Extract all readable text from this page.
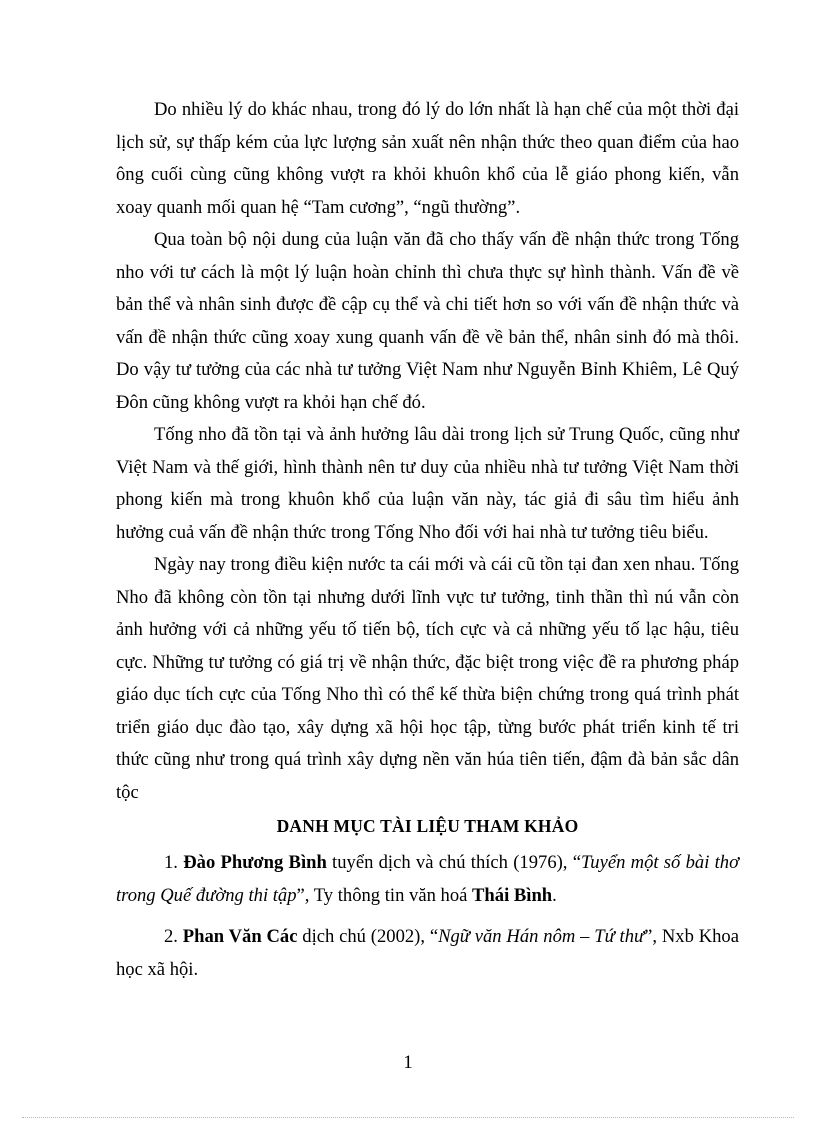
Do nhiều lý do khác nhau, trong đó lý do lớn nhất là hạn chế của một thời đại lịch sử, sự thấp kém của lực lượng sản xuất nên nhận thức theo quan điểm của hao ông cuối cùng cũng không vượt ra khỏi khuôn khổ của lễ giáo phong kiến, vẫn xoay quanh mối quan hệ “Tam cương”, “ngũ thường”.

Qua toàn bộ nội dung của luận văn đã cho thấy vấn đề nhận thức trong Tống nho với tư cách là một lý luận hoàn chỉnh thì chưa thực sự hình thành. Vấn đề về bản thể và nhân sinh được đề cập cụ thể và chi tiết hơn so với vấn đề nhận thức và vấn đề nhận thức cũng xoay xung quanh vấn đề về bản thể, nhân sinh đó mà thôi. Do vậy tư tưởng của các nhà tư tưởng Việt Nam như Nguyễn Bỉnh Khiêm, Lê Quý Đôn cũng không vượt ra khỏi hạn chế đó.

Tống nho đã tồn tại và ảnh hưởng lâu dài trong lịch sử Trung Quốc, cũng như Việt Nam và thế giới, hình thành nên tư duy của nhiều nhà tư tưởng Việt Nam thời phong kiến mà trong khuôn khổ của luận văn này, tác giả đi sâu tìm hiểu ảnh hưởng cuả vấn đề nhận thức trong Tống Nho đối với hai nhà tư tưởng tiêu biểu.

Ngày nay trong điều kiện nước ta cái mới và cái cũ tồn tại đan xen nhau. Tống Nho đã không còn tồn tại nhưng dưới lĩnh vực tư tưởng, tinh thần thì nú vẫn còn ảnh hưởng với cả những yếu tố tiến bộ, tích cực và cả những yếu tố lạc hậu, tiêu cực. Những tư tưởng có giá trị về nhận thức, đặc biệt trong việc đề ra phương pháp giáo dục tích cực của Tống Nho thì có thể kế thừa biện chứng trong quá trình phát triển giáo dục đào tạo, xây dựng xã hội học tập, từng bước phát triển kinh tế tri thức cũng như trong quá trình xây dựng nền văn húa tiên tiến, đậm đà bản sắc dân tộc

DANH MỤC TÀI LIỆU THAM KHẢO

1. Đào Phương Bình tuyển dịch và chú thích (1976), “Tuyển một số bài thơ trong Quế đường thi tập”, Ty thông tin văn hoá Thái Bình.

2. Phan Văn Các dịch chú (2002), “Ngữ văn Hán nôm – Tứ thư”, Nxb Khoa học xã hội.

1
